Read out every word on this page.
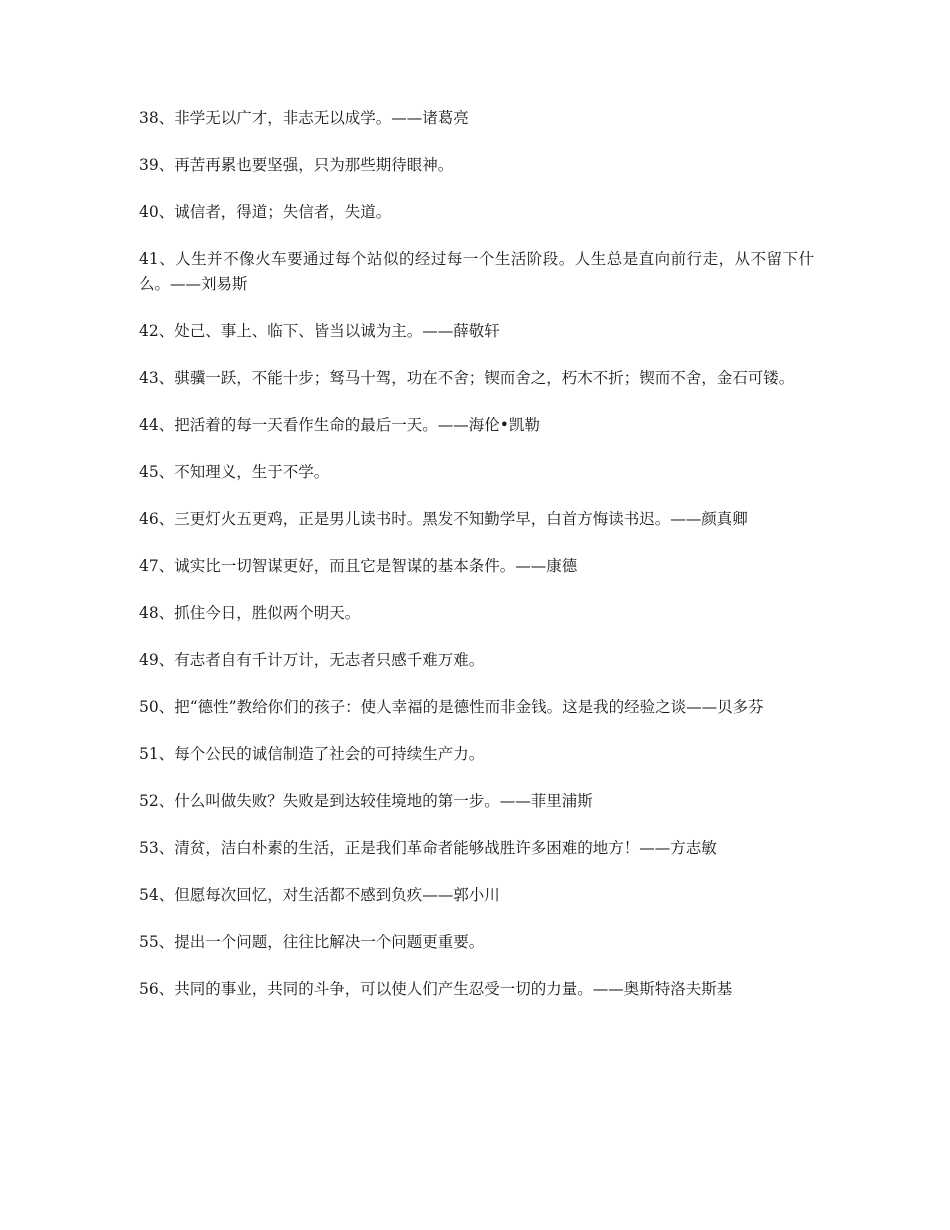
38、非学无以广才，非志无以成学。——诸葛亮

39、再苦再累也要坚强，只为那些期待眼神。

40、诚信者，得道；失信者，失道。

41、人生并不像火车要通过每个站似的经过每一个生活阶段。人生总是直向前行走，从不留下什么。——刘易斯

42、处己、事上、临下、皆当以诚为主。——薛敬轩

43、骐骥一跃，不能十步；驽马十驾，功在不舍；锲而舍之，朽木不折；锲而不舍，金石可镂。

44、把活着的每一天看作生命的最后一天。——海伦•凯勒

45、不知理义，生于不学。

46、三更灯火五更鸡，正是男儿读书时。黑发不知勤学早，白首方悔读书迟。——颜真卿

47、诚实比一切智谋更好，而且它是智谋的基本条件。——康德

48、抓住今日，胜似两个明天。

49、有志者自有千计万计，无志者只感千难万难。

50、把“德性”教给你们的孩子：使人幸福的是德性而非金钱。这是我的经验之谈——贝多芬

51、每个公民的诚信制造了社会的可持续生产力。

52、什么叫做失败？失败是到达较佳境地的第一步。——菲里浦斯

53、清贫，洁白朴素的生活，正是我们革命者能够战胜许多困难的地方！——方志敏

54、但愿每次回忆，对生活都不感到负疚——郭小川

55、提出一个问题，往往比解决一个问题更重要。

56、共同的事业，共同的斗争，可以使人们产生忍受一切的力量。——奥斯特洛夫斯基
